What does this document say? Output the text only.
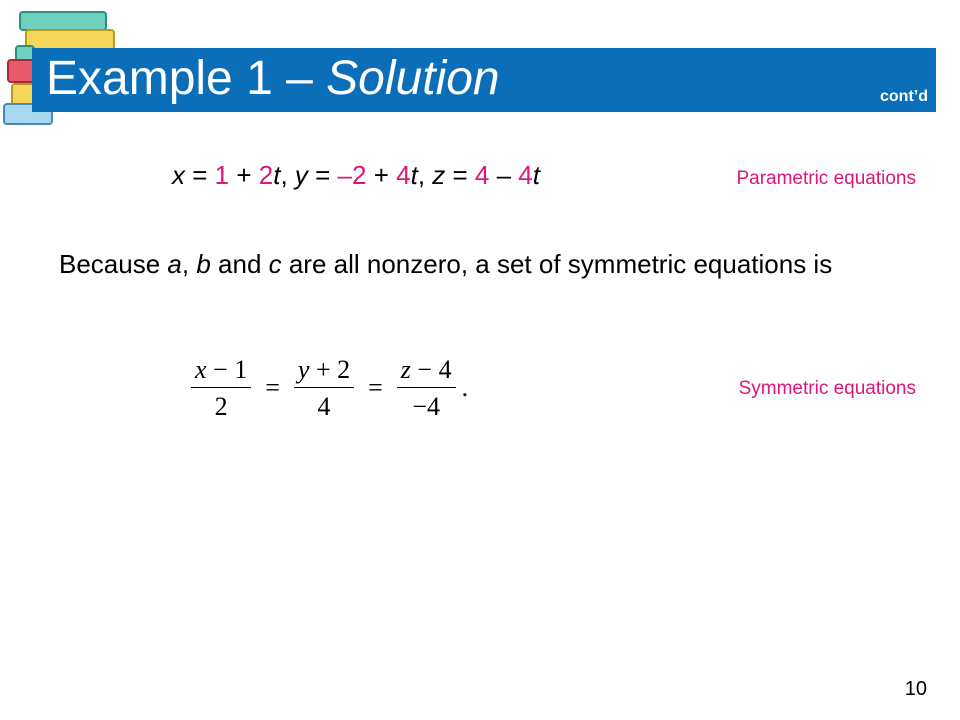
Example 1 – Solution	cont’d
x = 1 + 2t, y = –2 + 4t, z = 4 – 4t	Parametric equations
Because a, b and c are all nonzero, a set of symmetric equations is
$\frac{x - 1}{2} = \frac{y + 2}{4} = \frac{z - 4}{-4}$ .	Symmetric equations
10
